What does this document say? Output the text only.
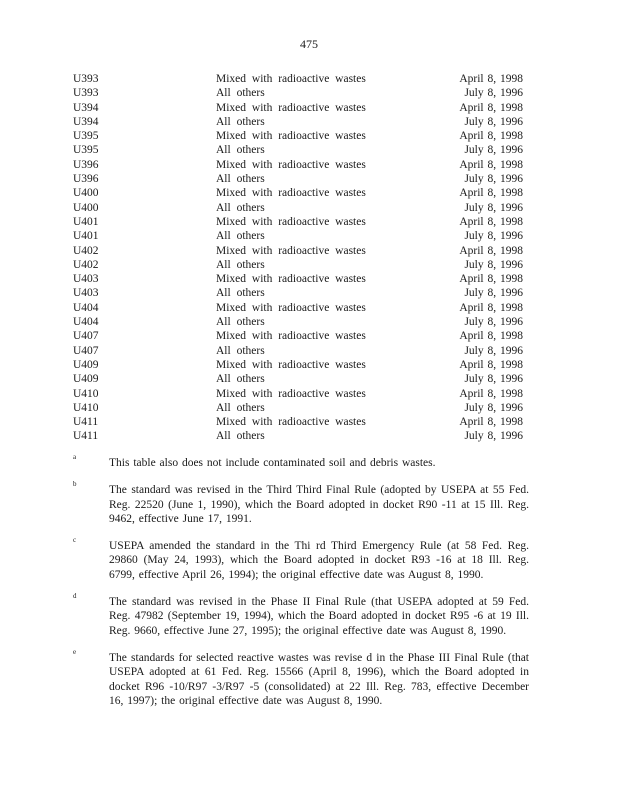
475
U393	Mixed with radioactive wastes	April 8, 1998
U393	All others	July 8, 1996
U394	Mixed with radioactive wastes	April 8, 1998
U394	All others	July 8, 1996
U395	Mixed with radioactive wastes	April 8, 1998
U395	All others	July 8, 1996
U396	Mixed with radioactive wastes	April 8, 1998
U396	All others	July 8, 1996
U400	Mixed with radioactive wastes	April 8, 1998
U400	All others	July 8, 1996
U401	Mixed with radioactive wastes	April 8, 1998
U401	All others	July 8, 1996
U402	Mixed with radioactive wastes	April 8, 1998
U402	All others	July 8, 1996
U403	Mixed with radioactive wastes	April 8, 1998
U403	All others	July 8, 1996
U404	Mixed with radioactive wastes	April 8, 1998
U404	All others	July 8, 1996
U407	Mixed with radioactive wastes	April 8, 1998
U407	All others	July 8, 1996
U409	Mixed with radioactive wastes	April 8, 1998
U409	All others	July 8, 1996
U410	Mixed with radioactive wastes	April 8, 1998
U410	All others	July 8, 1996
U411	Mixed with radioactive wastes	April 8, 1998
U411	All others	July 8, 1996
a	This table also does not include contaminated soil and debris wastes.
b	The standard was revised in the Third Third Final Rule (adopted by USEPA at 55 Fed. Reg. 22520 (June 1, 1990), which the Board adopted in docket R90 -11 at 15 Ill. Reg. 9462, effective June 17, 1991.
c	USEPA amended the standard in the Thi rd Third Emergency Rule (at 58 Fed. Reg. 29860 (May 24, 1993), which the Board adopted in docket R93 -16 at 18 Ill. Reg. 6799, effective April 26, 1994); the original effective date was August 8, 1990.
d	The standard was revised in the Phase II Final Rule (that USEPA adopted at 59 Fed. Reg. 47982 (September 19, 1994), which the Board adopted in docket R95 -6 at 19 Ill. Reg. 9660, effective June 27, 1995); the original effective date was August 8, 1990.
e	The standards for selected reactive wastes was revise d in the Phase III Final Rule (that USEPA adopted at 61 Fed. Reg. 15566 (April 8, 1996), which the Board adopted in docket R96 -10/R97 -3/R97 -5 (consolidated) at 22 Ill. Reg. 783, effective December 16, 1997); the original effective date was August 8, 1990.
